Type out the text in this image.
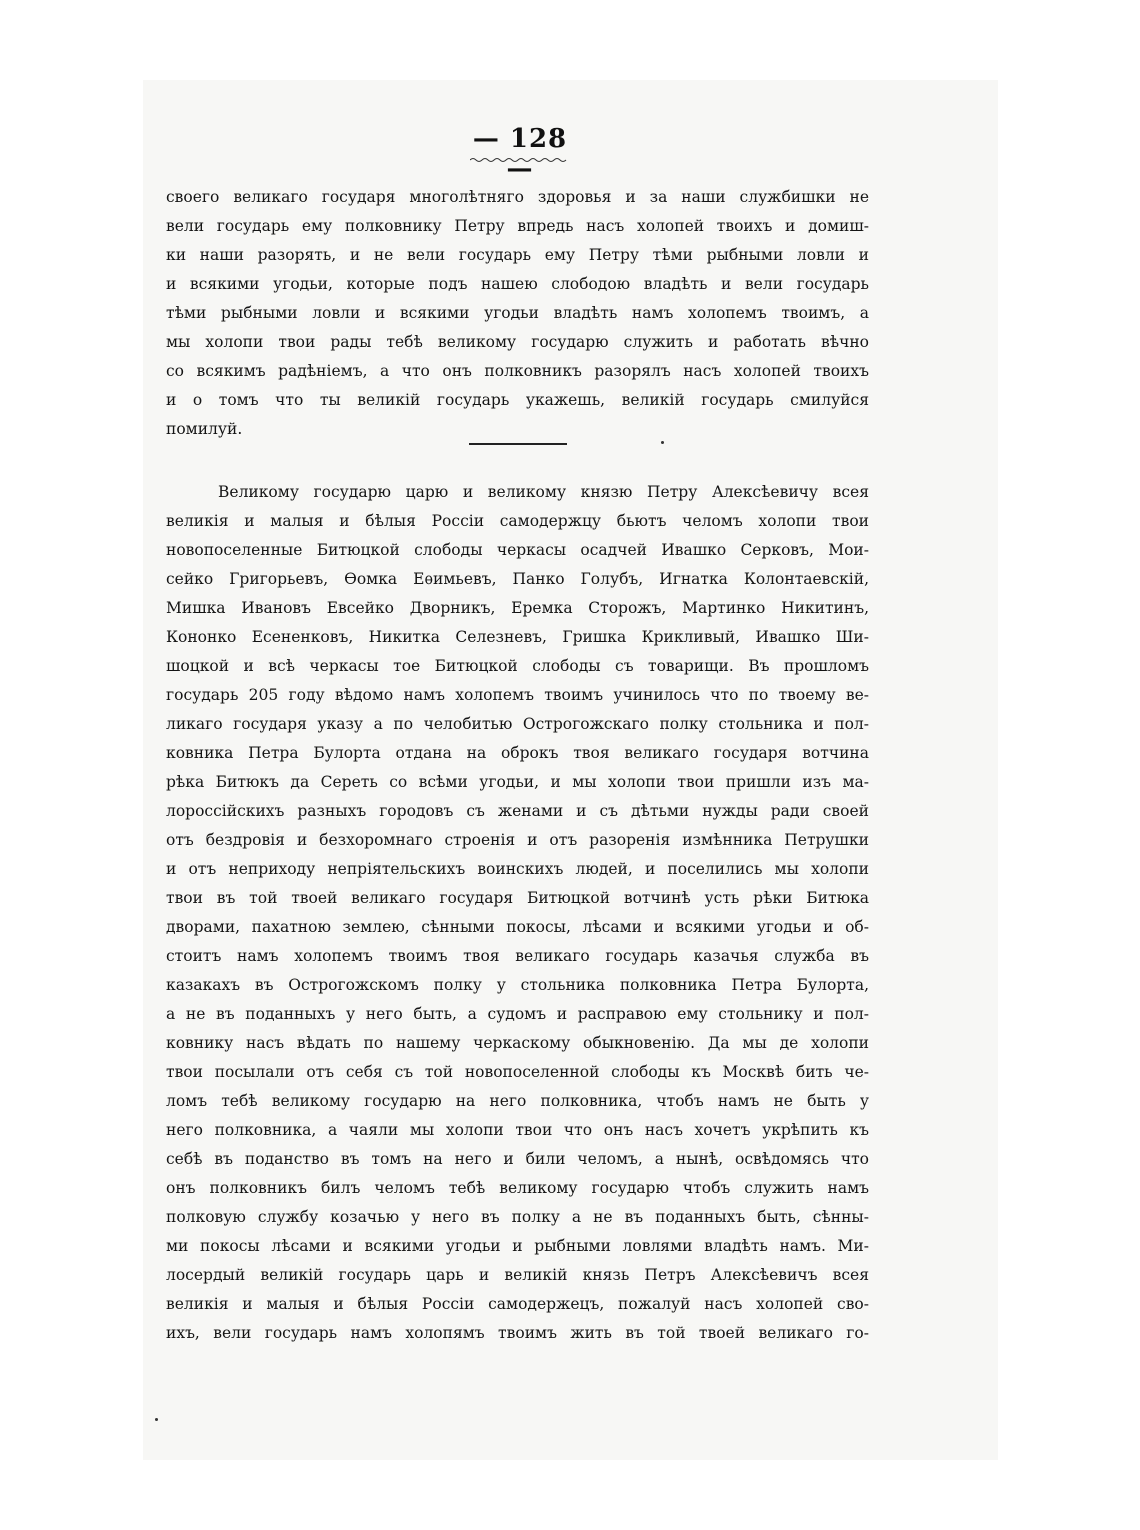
— 128 —
своего великаго государя многолѣтняго здоровья и за наши службишки не
вели государь ему полковнику Петру впредь насъ холопей твоихъ и домиш-
ки наши разорять, и не вели государь ему Петру тѣми рыбными ловли и
и всякими угодьи, которые подъ нашею слободою владѣть и вели государь
тѣми рыбными ловли и всякими угодьи владѣть намъ холопемъ твоимъ, а
мы холопи твои рады тебѣ великому государю служить и работать вѣчно
со всякимъ радѣніемъ, а что онъ полковникъ разорялъ насъ холопей твоихъ
и о томъ что ты великій государь укажешь, великій государь смилуйся
помилуй.
Великому государю царю и великому князю Петру Алексѣевичу всея
великія и малыя и бѣлыя Россіи самодержцу бьютъ челомъ холопи твои
новопоселенные Битюцкой слободы черкасы осадчей Ивашко Серковъ, Мои-
сейко Григорьевъ, Ѳомка Еѳимьевъ, Панко Голубъ, Игнатка Колонтаевскій,
Мишка Ивановъ Евсейко Дворникъ, Еремка Сторожъ, Мартинко Никитинъ,
Кононко Есененковъ, Никитка Селезневъ, Гришка Крикливый, Ивашко Ши-
шоцкой и всѣ черкасы тое Битюцкой слободы съ товарищи. Въ прошломъ
государь 205 году вѣдомо намъ холопемъ твоимъ учинилось что по твоему ве-
ликаго государя указу а по челобитью Острогожскаго полку стольника и пол-
ковника Петра Булорта отдана на оброкъ твоя великаго государя вотчина
рѣка Битюкъ да Сереть со всѣми угодьи, и мы холопи твои пришли изъ ма-
лороссійскихъ разныхъ городовъ съ женами и съ дѣтьми нужды ради своей
отъ бездровія и безхоромнаго строенія и отъ разоренія измѣнника Петрушки
и отъ неприходу непріятельскихъ воинскихъ людей, и поселились мы холопи
твои въ той твоей великаго государя Битюцкой вотчинѣ усть рѣки Битюка
дворами, пахатною землею, сѣнными покосы, лѣсами и всякими угодьи и об-
стоитъ намъ холопемъ твоимъ твоя великаго государь казачья служба въ
казакахъ въ Острогожскомъ полку у стольника полковника Петра Булорта,
а не въ поданныхъ у него быть, а судомъ и расправою ему стольнику и пол-
ковнику насъ вѣдать по нашему черкаскому обыкновенію. Да мы де холопи
твои посылали отъ себя съ той новопоселенной слободы къ Москвѣ бить че-
ломъ тебѣ великому государю на него полковника, чтобъ намъ не быть у
него полковника, а чаяли мы холопи твои что онъ насъ хочетъ укрѣпить къ
себѣ въ поданство въ томъ на него и били челомъ, а нынѣ, освѣдомясь что
онъ полковникъ билъ челомъ тебѣ великому государю чтобъ служить намъ
полковую службу козачью у него въ полку а не въ поданныхъ быть, сѣнны-
ми покосы лѣсами и всякими угодьи и рыбными ловлями владѣть намъ. Ми-
лосердый великій государь царь и великій князь Петръ Алексѣевичъ всея
великія и малыя и бѣлыя Россіи самодержецъ, пожалуй насъ холопей сво-
ихъ, вели государь намъ холопямъ твоимъ жить въ той твоей великаго го-
